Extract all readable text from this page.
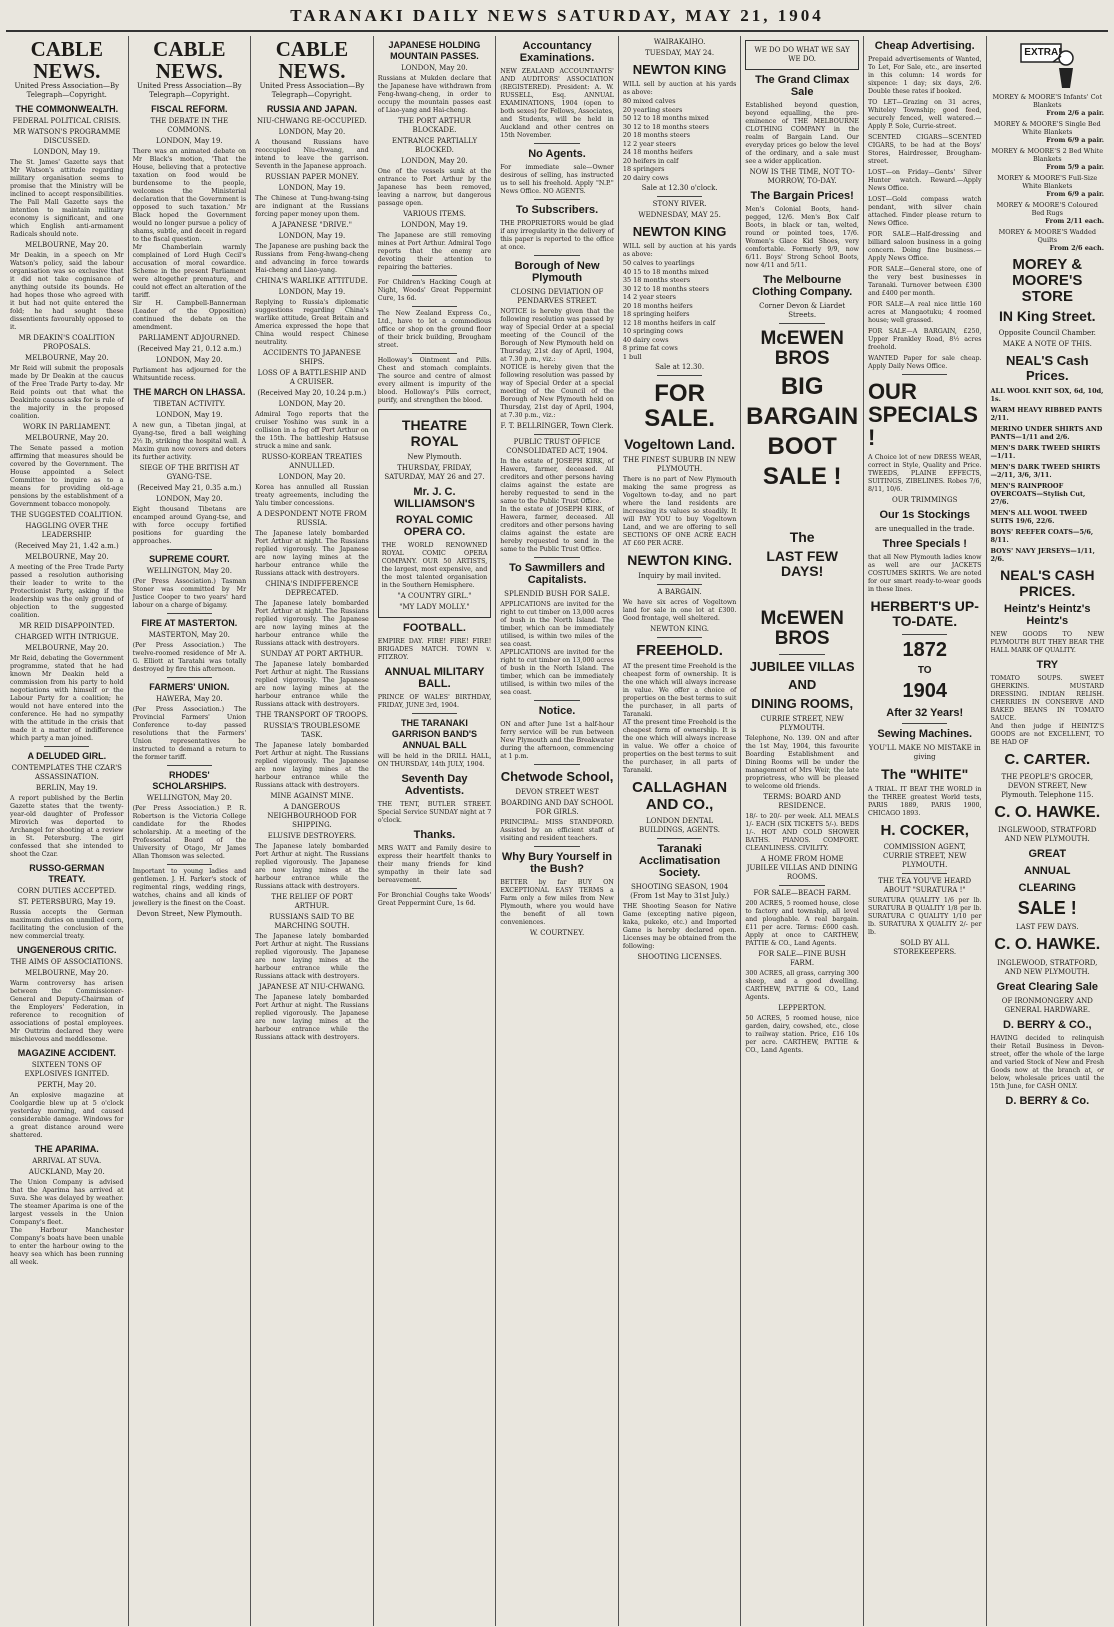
TARANAKI DAILY NEWS SATURDAY, MAY 21, 1904
CABLE NEWS.
United Press Association—By Telegraph—Copyright.
THE COMMONWEALTH.
FEDERAL POLITICAL CRISIS.
MR WATSON'S PROGRAMME DISCUSSED.
LONDON, May 19.
The St. James' Gazette says that Mr Watson's attitude regarding military organisation seems to promise that the Ministry will be inclined to accept responsibilities. The Pall Mall Gazette says the intention to maintain military economy is significant, and one which English anti-armament Radicals should note.
MELBOURNE, May 20.
Mr Deakin, in a speech on Mr Watson's policy, said the labour organisation was so exclusive that it did not take cognisance of anything outside its bounds. He had hopes those who agreed with it but had not quite entered the fold; he had sought these dissentients favourably opposed to it.
MR DEAKIN'S COALITION PROPOSALS.
MELBOURNE, May 20.
Mr Reid will submit the proposals made by Dr Deakin at the caucus of the Free Trade Party to-day. Mr Reid points out that what the Deakinite caucus asks for is rule of the majority in the proposed coalition.
WORK IN PARLIAMENT.
MELBOURNE, May 20.
The Senate passed a motion affirming that measures should be covered by the Government. The House appointed a Select Committee to inquire as to a means for providing old-age pensions by the establishment of a Government tobacco monopoly.
THE SUGGESTED COALITION.
HAGGLING OVER THE LEADERSHIP.
(Received May 21, 1.42 a.m.)
MELBOURNE, May 20.
A meeting of the Free Trade Party passed a resolution authorising their leader to write to the Protectionist Party, asking if the leadership was the only ground of objection to the suggested coalition.
MR REID DISAPPOINTED.
CHARGED WITH INTRIGUE.
MELBOURNE, May 20.
Mr Reid, debating the Government programme, stated that he had known Mr Deakin held a commission from his party to hold negotiations with himself or the Labour Party for a coalition; he would not have entered into the conference. He had no sympathy with the attitude in the crisis that made it a matter of indifference which party a man joined.
A DELUDED GIRL.
CONTEMPLATES THE CZAR'S ASSASSINATION.
BERLIN, May 19.
A report published by the Berlin Gazette states that the twenty-year-old daughter of Professor Mirovich was deported to Archangel for shooting at a review in St. Petersburg. The girl confessed that she intended to shoot the Czar.
RUSSO-GERMAN TREATY.
CORN DUTIES ACCEPTED.
ST. PETERSBURG, May 19.
Russia accepts the German maximum duties on unmilled corn, facilitating the conclusion of the new commercial treaty.
UNGENEROUS CRITIC.
THE AIMS OF ASSOCIATIONS.
MELBOURNE, May 20.
Warm controversy has arisen between the Commissioner-General and Deputy-Chairman of the Employers' Federation, in reference to recognition of associations of postal employees. Mr Outtrim declared they were mischievous and meddlesome.
MAGAZINE ACCIDENT.
SIXTEEN TONS OF EXPLOSIVES IGNITED.
PERTH, May 20.
An explosive magazine at Coolgardie blew up at 5 o'clock yesterday morning, and caused considerable damage. Windows for a great distance around were shattered.
THE APARIMA.
ARRIVAL AT SUVA.
AUCKLAND, May 20.
The Union Company is advised that the Aparima has arrived at Suva. She was delayed by weather. The steamer Aparima is one of the largest vessels in the Union Company's fleet.
The Harbour Manchester Company's boats have been unable to enter the harbour owing to the heavy sea which has been running all week.
CABLE NEWS.
United Press Association—By Telegraph—Copyright.
FISCAL REFORM.
THE DEBATE IN THE COMMONS.
LONDON, May 19.
There was an animated debate on Mr Black's motion, 'That the House, believing that a protective taxation on food would be burdensome to the people, welcomes the Ministerial declaration that the Government is opposed to such taxation.' Mr Black hoped the Government would no longer pursue a policy of shams, subtle, and deceit in regard to the fiscal question.
Mr Chamberlain warmly complained of Lord Hugh Cecil's accusation of moral cowardice. Scheme in the present Parliament were altogether premature, and could not effect an alteration of the tariff.
Sir H. Campbell-Bannerman (Leader of the Opposition) continued the debate on the amendment.
PARLIAMENT ADJOURNED.
(Received May 21, 0.12 a.m.)
LONDON, May 20.
Parliament has adjourned for the Whitsuntide recess.
THE MARCH ON LHASSA.
TIBETAN ACTIVITY.
LONDON, May 19.
A new gun, a Tibetan jingal, at Gyang-tse, fired a ball weighing 2½ lb, striking the hospital wall. A Maxim gun now covers and deters its further activity.
SIEGE OF THE BRITISH AT GYANG-TSE.
(Received May 21, 0.35 a.m.)
LONDON, May 20.
Eight thousand Tibetans are encamped around Gyang-tse, and with force occupy fortified positions for guarding the approaches.
SUPREME COURT.
WELLINGTON, May 20.
(Per Press Association.) Tasman Stoner was committed by Mr Justice Cooper to two years' hard labour on a charge of bigamy.
FIRE AT MASTERTON.
MASTERTON, May 20.
(Per Press Association.) The twelve-roomed residence of Mr A. G. Elliott at Taratahi was totally destroyed by fire this afternoon.
FARMERS' UNION.
HAWERA, May 20.
(Per Press Association.) The Provincial Farmers' Union Conference to-day passed resolutions that the Farmers' Union representatives be instructed to demand a return to the former tariff.
RHODES' SCHOLARSHIPS.
WELLINGTON, May 20.
(Per Press Association.) P. R. Robertson is the Victoria College candidate for the Rhodes scholarship. At a meeting of the Professorial Board of the University of Otago, Mr James Allan Thomson was selected.
Important to young ladies and gentlemen. J. H. Parker's stock of regimental rings, wedding rings, watches, chains and all kinds of jewellery is the finest on the Coast.
Devon Street, New Plymouth.
CABLE NEWS.
United Press Association—By Telegraph—Copyright.
RUSSIA AND JAPAN.
NIU-CHWANG RE-OCCUPIED.
LONDON, May 20.
A thousand Russians have reoccupied Niu-chwang, and intend to leave the garrison. Seventh in the Japanese approach.
RUSSIAN PAPER MONEY.
LONDON, May 19.
The Chinese at Tung-hwang-tsing are indignant at the Russians forcing paper money upon them.
A JAPANESE "DRIVE."
LONDON, May 19.
The Japanese are pushing back the Russians from Feng-hwang-cheng and advancing in force towards Hai-cheng and Liao-yang.
CHINA'S WARLIKE ATTITUDE.
LONDON, May 19.
Replying to Russia's diplomatic suggestions regarding China's warlike attitude, Great Britain and America expressed the hope that China would respect Chinese neutrality.
ACCIDENTS TO JAPANESE SHIPS.
LOSS OF A BATTLESHIP AND A CRUISER.
(Received May 20, 10.24 p.m.)
LONDON, May 20.
Admiral Togo reports that the cruiser Yoshino was sunk in a collision in a fog off Port Arthur on the 15th. The battleship Hatsuse struck a mine and sank.
RUSSO-KOREAN TREATIES ANNULLED.
LONDON, May 20.
Korea has annulled all Russian treaty agreements, including the Yalu timber concessions.
A DESPONDENT NOTE FROM RUSSIA.
The Japanese lately bombarded Port Arthur at night. The Russians replied vigorously. The Japanese are now laying mines at the harbour entrance while the Russians attack with destroyers.
CHINA'S INDIFFERENCE DEPRECATED.
The Japanese lately bombarded Port Arthur at night. The Russians replied vigorously. The Japanese are now laying mines at the harbour entrance while the Russians attack with destroyers.
SUNDAY AT PORT ARTHUR.
The Japanese lately bombarded Port Arthur at night. The Russians replied vigorously. The Japanese are now laying mines at the harbour entrance while the Russians attack with destroyers.
THE TRANSPORT OF TROOPS.
RUSSIA'S TROUBLESOME TASK.
The Japanese lately bombarded Port Arthur at night. The Russians replied vigorously. The Japanese are now laying mines at the harbour entrance while the Russians attack with destroyers.
MINE AGAINST MINE.
A DANGEROUS NEIGHBOURHOOD FOR SHIPPING.
ELUSIVE DESTROYERS.
The Japanese lately bombarded Port Arthur at night. The Russians replied vigorously. The Japanese are now laying mines at the harbour entrance while the Russians attack with destroyers.
THE RELIEF OF PORT ARTHUR.
RUSSIANS SAID TO BE MARCHING SOUTH.
The Japanese lately bombarded Port Arthur at night. The Russians replied vigorously. The Japanese are now laying mines at the harbour entrance while the Russians attack with destroyers.
JAPANESE AT NIU-CHWANG.
The Japanese lately bombarded Port Arthur at night. The Russians replied vigorously. The Japanese are now laying mines at the harbour entrance while the Russians attack with destroyers.
JAPANESE HOLDING MOUNTAIN PASSES.
LONDON, May 20.
Russians at Mukden declare that the Japanese have withdrawn from Feng-hwang-cheng, in order to occupy the mountain passes east of Liao-yang and Hai-cheng.
THE PORT ARTHUR BLOCKADE.
ENTRANCE PARTIALLY BLOCKED.
LONDON, May 20.
One of the vessels sunk at the entrance to Port Arthur by the Japanese has been removed, leaving a narrow, but dangerous passage open.
VARIOUS ITEMS.
LONDON, May 19.
The Japanese are still removing mines at Port Arthur. Admiral Togo reports that the enemy are devoting their attention to repairing the batteries.
For Children's Hacking Cough at Night, Woods' Great Peppermint Cure, 1s 6d.
The New Zealand Express Co., Ltd., have to let a commodious office or shop on the ground floor of their brick building, Brougham street.
Holloway's Ointment and Pills. Chest and stomach complaints. The source and centre of almost every ailment is impurity of the blood. Holloway's Pills correct, purify, and strengthen the blood.
THEATRE ROYAL
New Plymouth.
THURSDAY, FRIDAY, SATURDAY, MAY 26 and 27.
Mr. J. C. WILLIAMSON'S
ROYAL COMIC OPERA CO.
THE WORLD RENOWNED ROYAL COMIC OPERA COMPANY. OUR 50 ARTISTS, the largest, most expensive, and the most talented organisation in the Southern Hemisphere.
"A COUNTRY GIRL."
"MY LADY MOLLY."
FOOTBALL.
EMPIRE DAY. FIRE! FIRE! FIRE! BRIGADES MATCH. TOWN v. FITZROY.
ANNUAL MILITARY BALL.
PRINCE OF WALES' BIRTHDAY, FRIDAY, JUNE 3rd, 1904.
THE TARANAKI GARRISON BAND'S ANNUAL BALL
will be held in the DRILL HALL, ON THURSDAY, 14th JULY, 1904.
Seventh Day Adventists.
THE TENT, BUTLER STREET. Special Service SUNDAY night at 7 o'clock.
Thanks.
MRS WATT and Family desire to express their heartfelt thanks to their many friends for kind sympathy in their late sad bereavement.
For Bronchial Coughs take Woods' Great Peppermint Cure, 1s 6d.
Accountancy Examinations.
NEW ZEALAND ACCOUNTANTS' AND AUDITORS' ASSOCIATION (REGISTERED). President: A. W. RUSSELL, Esq. ANNUAL EXAMINATIONS, 1904 (open to both sexes) for Fellows, Associates, and Students, will be held in Auckland and other centres on 15th November.
No Agents.
For immediate sale—Owner desirous of selling, has instructed us to sell his freehold. Apply "N.P." News Office. NO AGENTS.
To Subscribers.
THE PROPRIETORS would be glad if any irregularity in the delivery of this paper is reported to the office at once.
Borough of New Plymouth
CLOSING DEVIATION OF PENDARVES STREET.
NOTICE is hereby given that the following resolution was passed by way of Special Order at a special meeting of the Council of the Borough of New Plymouth held on Thursday, 21st day of April, 1904, at 7.30 p.m., viz.:
NOTICE is hereby given that the following resolution was passed by way of Special Order at a special meeting of the Council of the Borough of New Plymouth held on Thursday, 21st day of April, 1904, at 7.30 p.m., viz.:
F. T. BELLRINGER, Town Clerk.
PUBLIC TRUST OFFICE CONSOLIDATED ACT, 1904.
In the estate of JOSEPH KIRK, of Hawera, farmer, deceased. All creditors and other persons having claims against the estate are hereby requested to send in the same to the Public Trust Office.
In the estate of JOSEPH KIRK, of Hawera, farmer, deceased. All creditors and other persons having claims against the estate are hereby requested to send in the same to the Public Trust Office.
To Sawmillers and Capitalists.
SPLENDID BUSH FOR SALE.
APPLICATIONS are invited for the right to cut timber on 13,000 acres of bush in the North Island. The timber, which can be immediately utilised, is within two miles of the sea coast.
APPLICATIONS are invited for the right to cut timber on 13,000 acres of bush in the North Island. The timber, which can be immediately utilised, is within two miles of the sea coast.
Notice.
ON and after June 1st a half-hour ferry service will be run between New Plymouth and the Breakwater during the afternoon, commencing at 1 p.m.
Chetwode School,
DEVON STREET WEST
BOARDING AND DAY SCHOOL FOR GIRLS.
PRINCIPAL: MISS STANDFORD. Assisted by an efficient staff of visiting and resident teachers.
Why Bury Yourself in the Bush?
BETTER by far BUY ON EXCEPTIONAL EASY TERMS a Farm only a few miles from New Plymouth, where you would have the benefit of all town conveniences.
W. COURTNEY.
WAIRAKAIHO.
TUESDAY, MAY 24.
NEWTON KING
WILL sell by auction at his yards as above:
80 mixed calves
20 yearling steers
50 12 to 18 months mixed
30 12 to 18 months steers
20 18 months steers
12 2 year steers
24 18 months heifers
20 heifers in calf
18 springers
20 dairy cows
Sale at 12.30 o'clock.
STONY RIVER.
WEDNESDAY, MAY 25.
NEWTON KING
WILL sell by auction at his yards as above:
50 calves to yearlings
40 15 to 18 months mixed
35 18 months steers
30 12 to 18 months steers
14 2 year steers
20 18 months heifers
18 springing heifers
12 18 months heifers in calf
10 springing cows
40 dairy cows
8 prime fat cows
1 bull
Sale at 12.30.
FOR SALE.
Vogeltown Land.
THE FINEST SUBURB IN NEW PLYMOUTH.
There is no part of New Plymouth making the same progress as Vogeltown to-day, and no part where the land residents are increasing its values so steadily. It will PAY YOU to buy Vogeltown Land, and we are offering to sell SECTIONS OF ONE ACRE EACH AT £60 PER ACRE.
NEWTON KING.
Inquiry by mail invited.
A BARGAIN.
We have six acres of Vogeltown land for sale in one lot at £300. Good frontage, well sheltered.
NEWTON KING.
FREEHOLD.
AT the present time Freehold is the cheapest form of ownership. It is the one which will always increase in value. We offer a choice of properties on the best terms to suit the purchaser, in all parts of Taranaki.
AT the present time Freehold is the cheapest form of ownership. It is the one which will always increase in value. We offer a choice of properties on the best terms to suit the purchaser, in all parts of Taranaki.
CALLAGHAN AND CO.,
LONDON DENTAL BUILDINGS, AGENTS.
Taranaki Acclimatisation Society.
SHOOTING SEASON, 1904 (From 1st May to 31st July.)
THE Shooting Season for Native Game (excepting native pigeon, kaka, pukeko, etc.) and Imported Game is hereby declared open. Licenses may be obtained from the following:
SHOOTING LICENSES.
WE DO DO WHAT WE SAY WE DO.
The Grand Climax Sale
Established beyond question, beyond equalling, the pre-eminence of THE MELBOURNE CLOTHING COMPANY in the realm of Bargain Land. Our everyday prices go below the level of the ordinary, and a sale must see a wider application.
NOW IS THE TIME, NOT TO-MORROW, TO-DAY.
The Bargain Prices!
Men's Colonial Boots, hand-pegged, 12/6. Men's Box Calf Boots, in black or tan, welted, round or pointed toes, 17/6. Women's Glace Kid Shoes, very comfortable. Formerly 9/9, now 6/11. Boys' Strong School Boots, now 4/11 and 5/11.
The Melbourne Clothing Company.
Corner Devon & Liardet Streets.
McEWEN BROS
BIG
BARGAIN
BOOT
SALE !
The
LAST FEW DAYS!
McEWEN BROS
JUBILEE VILLAS
AND
DINING ROOMS,
CURRIE STREET, NEW PLYMOUTH.
Telephone, No. 139. ON and after the 1st May, 1904, this favourite Boarding Establishment and Dining Rooms will be under the management of Mrs Weir, the late proprietress, who will be pleased to welcome old friends.
TERMS: BOARD AND RESIDENCE.
18/- to 20/- per week. ALL MEALS 1/- EACH (SIX TICKETS 5/-). BEDS 1/-. HOT AND COLD SHOWER BATHS. PIANOS. COMFORT. CLEANLINESS. CIVILITY.
A HOME FROM HOME JUBILEE VILLAS AND DINING ROOMS.
FOR SALE—BEACH FARM.
200 ACRES, 5 roomed house, close to factory and township, all level and ploughable. A real bargain. £11 per acre. Terms: £600 cash. Apply at once to CARTHEW, PATTIE & CO., Land Agents.
FOR SALE—FINE BUSH FARM.
300 ACRES, all grass, carrying 300 sheep, and a good dwelling. CARTHEW, PATTIE & CO., Land Agents.
LEPPERTON.
50 ACRES, 5 roomed house, nice garden, dairy, cowshed, etc., close to railway station. Price, £16 10s per acre. CARTHEW, PATTIE & CO., Land Agents.
Cheap Advertising.
Prepaid advertisements of Wanted, To Let, For Sale, etc., are inserted in this column: 14 words for sixpence: 1 day; six days, 2/6. Double these rates if booked.
TO LET—Grazing on 31 acres, Whiteley Township; good feed, securely fenced, well watered.—Apply P. Sole, Currie-street.
SCENTED CIGARS—SCENTED CIGARS, to be had at the Boys' Stores, Hairdresser, Brougham-street.
LOST—on Friday—Gents' Silver Hunter watch. Reward.—Apply News Office.
LOST—Gold compass watch pendant, with silver chain attached. Finder please return to News Office.
FOR SALE—Half-dressing and billiard saloon business in a going concern. Doing fine business.—Apply News Office.
FOR SALE—General store, one of the very best businesses in Taranaki. Turnover between £300 and £400 per month.
FOR SALE—A real nice little 160 acres at Mangaotuku; 4 roomed house; well grassed.
FOR SALE—A BARGAIN, £250, Upper Frankley Road, 8½ acres freehold.
WANTED Paper for sale cheap. Apply Daily News Office.
OUR SPECIALS !
A Choice lot of new DRESS WEAR, correct in Style, Quality and Price. TWEEDS, PLAINE EFFECTS, SUITINGS, ZIBELINES. Robes 7/6, 8/11, 10/6.
OUR TRIMMINGS
Our 1s Stockings
are unequalled in the trade.
Three Specials !
that all New Plymouth ladies know as well are our JACKETS COSTUMES SKIRTS. We are noted for our smart ready-to-wear goods in these lines.
HERBERT'S UP-TO-DATE.
1872
TO
1904
After 32 Years!
Sewing Machines.
YOU'LL MAKE NO MISTAKE in giving
The "WHITE"
A TRIAL. IT BEAT THE WORLD in the THREE greatest World tests, PARIS 1889, PARIS 1900, CHICAGO 1893.
H. COCKER,
COMMISSION AGENT, CURRIE STREET, NEW PLYMOUTH.
THE TEA YOU'VE HEARD ABOUT "SURATURA !"
SURATURA QUALITY 1/6 per lb. SURATURA B QUALITY 1/8 per lb. SURATURA C QUALITY 1/10 per lb. SURATURA X QUALITY 2/- per lb.
SOLD BY ALL STOREKEEPERS.
EXTRA!
MOREY & MOORE'S Infants' Cot Blankets
From 2/6 a pair.
MOREY & MOORE'S Single Bed White Blankets
From 6/9 a pair.
MOREY & MOORE'S 2 Bed White Blankets
From 5/9 a pair.
MOREY & MOORE'S Full-Size White Blankets
From 6/9 a pair.
MOREY & MOORE'S Coloured Bed Rugs
From 2/11 each.
MOREY & MOORE'S Wadded Quilts
From 2/6 each.
MOREY & MOORE'S STORE
IN King Street.
Opposite Council Chamber.
MAKE A NOTE OF THIS.
NEAL'S Cash Prices.
ALL WOOL KNIT SOX, 6d, 10d, 1s.
WARM HEAVY RIBBED PANTS 2/11.
MERINO UNDER SHIRTS AND PANTS—1/11 and 2/6.
MEN'S DARK TWEED SHIRTS—1/11.
MEN'S DARK TWEED SHIRTS—2/11, 3/6, 3/11.
MEN'S RAINPROOF OVERCOATS—Stylish Cut, 27/6.
MEN'S ALL WOOL TWEED SUITS 19/6, 22/6.
BOYS' REEFER COATS—5/6, 8/11.
BOYS' NAVY JERSEYS—1/11, 2/6.
NEAL'S CASH PRICES.
Heintz's Heintz's Heintz's
NEW GOODS TO NEW PLYMOUTH BUT THEY BEAR THE HALL MARK OF QUALITY.
TRY
TOMATO SOUPS. SWEET GHERKINS. MUSTARD DRESSING. INDIAN RELISH. CHERRIES IN CONSERVE AND BAKED BEANS IN TOMATO SAUCE.
And then judge if HEINTZ'S GOODS are not EXCELLENT, TO BE HAD OF
C. CARTER.
THE PEOPLE'S GROCER, DEVON STREET, New Plymouth. Telephone 115.
C. O. HAWKE.
INGLEWOOD, STRATFORD AND NEW PLYMOUTH.
GREAT
ANNUAL
CLEARING
SALE !
LAST FEW DAYS.
C. O. HAWKE.
INGLEWOOD, STRATFORD, AND NEW PLYMOUTH.
Great Clearing Sale
OF IRONMONGERY AND GENERAL HARDWARE.
D. BERRY & CO.,
HAVING decided to relinquish their Retail Business in Devon-street, offer the whole of the large and varied Stock of New and Fresh Goods now at the branch at, or below, wholesale prices until the 15th June, for CASH ONLY.
D. BERRY & Co.
